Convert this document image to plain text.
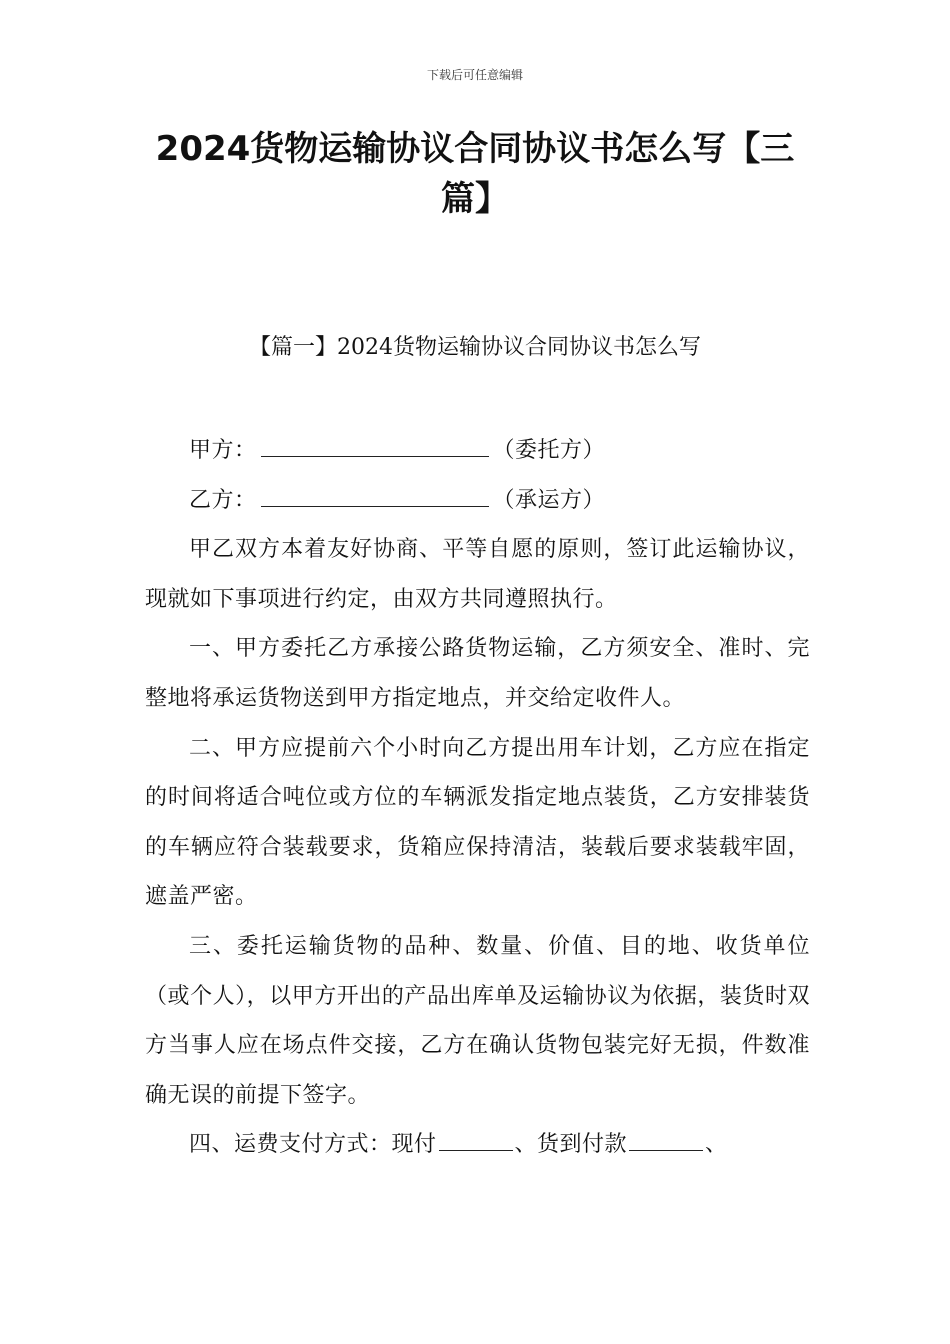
下载后可任意编辑
2024货物运输协议合同协议书怎么写【三篇】
【篇一】2024货物运输协议合同协议书怎么写

甲方：	（委托方）

乙方：	（承运方）

甲乙双方本着友好协商、平等自愿的原则，签订此运输协议，现就如下事项进行约定，由双方共同遵照执行。

一、甲方委托乙方承接公路货物运输，乙方须安全、准时、完整地将承运货物送到甲方指定地点，并交给定收件人。

二、甲方应提前六个小时向乙方提出用车计划，乙方应在指定的时间将适合吨位或方位的车辆派发指定地点装货，乙方安排装货的车辆应符合装载要求，货箱应保持清洁，装载后要求装载牢固，遮盖严密。

三、委托运输货物的品种、数量、价值、目的地、收货单位（或个人），以甲方开出的产品出库单及运输协议为依据，装货时双方当事人应在场点件交接，乙方在确认货物包装完好无损，件数准确无误的前提下签字。

四、运费支付方式：现付	、货到付款	、
